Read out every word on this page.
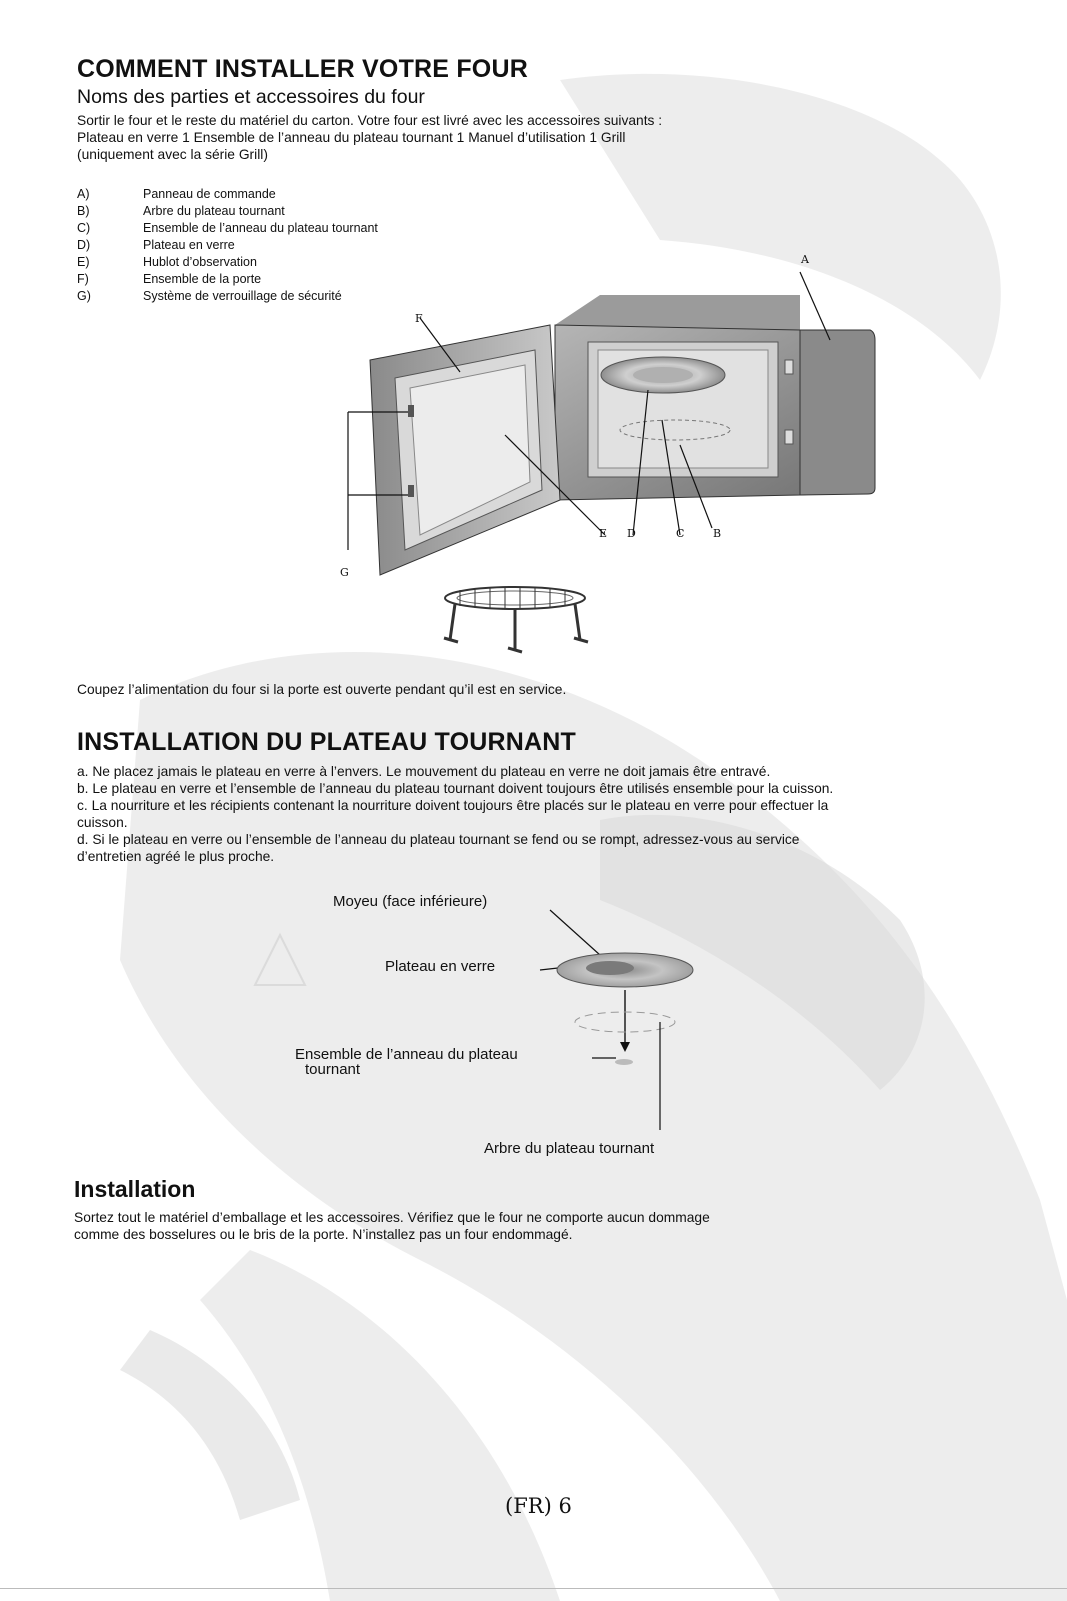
COMMENT INSTALLER VOTRE FOUR
Noms des parties et accessoires du four
Sortir le four et le reste du matériel du carton. Votre four est livré avec les accessoires suivants :
Plateau en verre 1 Ensemble de l’anneau du plateau tournant 1 Manuel d’utilisation 1 Grill
(uniquement avec la série Grill)
A)	Panneau de commande
B)	Arbre du plateau tournant
C)	Ensemble de l’anneau du plateau tournant
D)	Plateau en verre
E)	Hublot d’observation
F)	Ensemble de la porte
G)	Système de verrouillage de sécurité
A
F
E D	C	B
G
Coupez l’alimentation du four si la porte est ouverte pendant qu’il est en service.
INSTALLATION DU PLATEAU TOURNANT
a. Ne placez jamais le plateau en verre à l’envers. Le mouvement du plateau en verre ne doit jamais être entravé.
b. Le plateau en verre et l’ensemble de l’anneau du plateau tournant doivent toujours être utilisés ensemble pour la cuisson.
c. La nourriture et les récipients contenant la nourriture doivent toujours être placés sur le plateau en verre pour effectuer la
cuisson.
d. Si le plateau en verre ou l’ensemble de l’anneau du plateau tournant se fend ou se rompt, adressez-vous au service
d’entretien agréé le plus proche.
Moyeu (face inférieure)
Plateau en verre
Ensemble de l’anneau du plateau
tournant
Arbre du plateau tournant
Installation
Sortez tout le matériel d’emballage et les accessoires. Vérifiez que le four ne comporte aucun dommage
comme des bosselures ou le bris de la porte. N’installez pas un four endommagé.
(FR) 6
